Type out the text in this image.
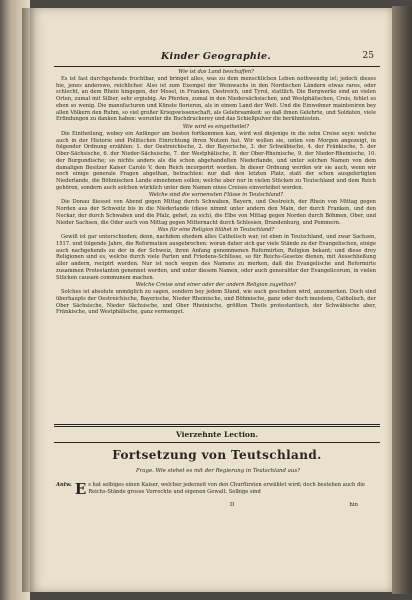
Kinder Geographie.	25
Wie ist das Land beschaffen?
Es ist fast durchgehends fruchtbar, und bringet alles, was zu dem menschlichen Leben nothwendig ist; jedoch dieses hie, jenes anderswo, reichlicher. Also ist zum Exempel der Weinwachs in den Nordischen Ländern etwas rares, oder schlecht, an dem Rhein hingegen, der Mosel, in Franken, Oestreich, und Tyrol, stattlich. Die Bergwerke sind an vielen Orten, zumal mit Silber, sehr ergiebig. An Pferden, zumal in den Niedersächsischen, und Westphälischen, Creis, fehlet es eben so wenig. Die manufacturen und Künste florieren, als in einem Land der Welt. Und die Einwohner mainteniren bey allen Völkern den Ruhm, so viel großer Kriegswissenschaft, als Gelehrsamkeit: so daß ihnen Gelehrte, und Soldaten, viele Erfindungen zu danken haben: worunter die Buchdruckerey und das Schießpulver die berühmtesten.
Wie wird es eingetheilet?
Die Eintheilung, wobey ein Anfänger am besten fortkommen kan, wird wol diejenige in die zehn Creise seyn: welche auch in der Historie und Politischen Einrichtung ihren Nutzen hat. Wir wollen sie, unten von Morgen angezeigt, in folgender Ordnung erzählen: 1. der Oestreichische, 2. der Bayerische, 3. der Schwäbische, 4. der Fränkische, 5. der Ober-Sächsische, 6. der Nieder-Sächsische, 7. der Westphälische, 8. der Ober-Rheinische, 9. der Nieder-Rheinische, 10. der Burgundische; so nichts anders als die schon abgehandelten Niederlande, und unter solchen Namen von dem damaligen Besitzer Kaiser Carolo V. dem Reich incorporirt worden. In dieser Ordnung werden wir sie auch, wenn wir noch einige generale Fragen abgethan, betrachten: nur daß den letzten Platz, statt der schon ausgefertigten Niederlande, die Böhmischen Lande einnehmen sollen; welche aber nur in vielen Stücken zu Teutschland und dem Reich gehören, sondern auch solchen würklich unter dem Namen eines Creises einverleibet worden.
Welche sind die vornemsten Flüsse in Teutschland?
Die Donau fliesset von Abend gegen Mittag durch Schwaben, Bayern, und Oestreich, der Rhein von Mittag gegen Norden aus der Schweitz bis in die Niederlande (diese nimmt unter andern den Main, der durch Franken, und den Neckar, der durch Schwaben und die Pfalz, gehet, zu sich), die Elbe von Mittag gegen Norden durch Böhmen, Ober, und Nieder Sachsen, die Oder auch von Mittag gegen Mitternacht durch Schlesien, Brandenburg, und Pommern.
Was für eine Religion blühet in Teutschland?
Gewiß ist gar unterschieden; denn, nachdem ehedem alles Catholisch war, ist eben in Teutschland, und zwar Sachsen, 1517. und folgende Jahre, die Reformation ausgebrochen: woran daher sich gar viele Stände zu der Evangelischen, einige auch nachgehends zu der in der Schweiz, ihren Anfang genommenen Reformirten, Religion bekant; und diese drey Religionen sind es, welche durch viele Parten und Friedens-Schlüsse, so für Reichs-Gesetze dienen, mit Ausschließung aller andern, recipirt worden. Nur ist noch wegen des Namens zu merken, daß die Evangelische und Reformirte zusammen Protestanten genennet werden, und unter diesem Namen, oder auch generaliter der Evangelicorum, in vielen Stücken causam communem machen.
Welche Creise sind einer oder der andern Religion zugethan?
Solches ist absolute unmöglich zu sagen, sondern bey jedem Stand, wie auch geschehen wird, anzumerken. Doch sind überhaupts der Oestreichische, Bayerische, Nieder Rheinische, und Böhmische, ganz oder doch meistens, Catholisch, der Ober Sächsische, Nieder Sächsische, und Ober Rheinische, größten Theils protestantisch, der Schwäbische aber, Fränkische, und Westphälische, ganz vermenget.
Vierzehnte Lection.
Fortsetzung von Teutschland.
Frage. Wie stehet es mit der Regierung in Teutschland aus?
Antw. E s hat selbiges einen Kaiser, welcher jederzeit von den Churfürsten erwählet wird; doch bestehen auch die Reichs-Stände grosse Vorrechte und eigenen Gewalt. Selbige sind
D	hin
